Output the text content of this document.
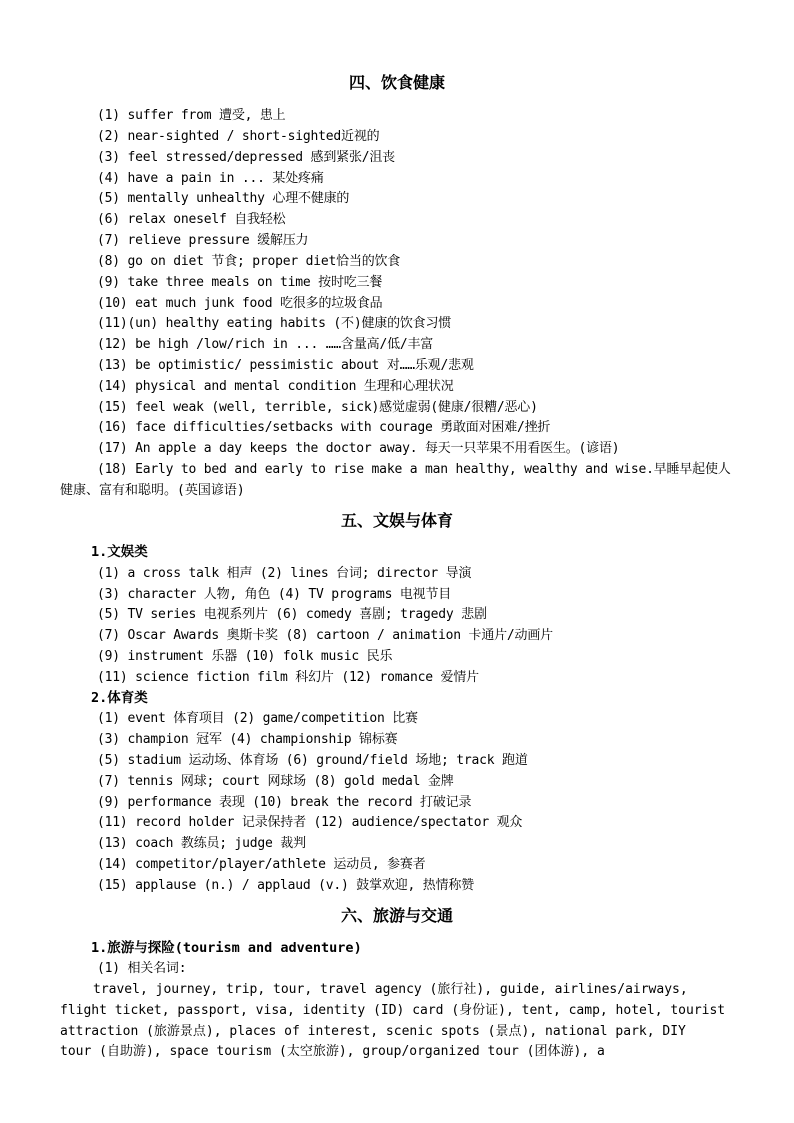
四、饮食健康
(1) suffer from 遭受, 患上
(2) near-sighted / short-sighted近视的
(3) feel stressed/depressed 感到紧张/沮丧
(4) have a pain in ... 某处疼痛
(5) mentally unhealthy 心理不健康的
(6) relax oneself 自我轻松
(7) relieve pressure 缓解压力
(8) go on diet 节食; proper diet恰当的饮食
(9) take three meals on time 按时吃三餐
(10) eat much junk food 吃很多的垃圾食品
(11)(un) healthy eating habits (不)健康的饮食习惯
(12) be high /low/rich in ... ……含量高/低/丰富
(13) be optimistic/ pessimistic about 对……乐观/悲观
(14) physical and mental condition 生理和心理状况
(15) feel weak (well, terrible, sick)感觉虚弱(健康/很糟/恶心)
(16) face difficulties/setbacks with courage 勇敢面对困难/挫折
(17) An apple a day keeps the doctor away. 每天一只苹果不用看医生。(谚语)
(18) Early to bed and early to rise make a man healthy, wealthy and wise.早睡早起使人
健康、富有和聪明。(英国谚语)
五、文娱与体育
1.文娱类
(1) a cross talk 相声 (2) lines 台词; director 导演
(3) character 人物, 角色 (4) TV programs 电视节目
(5) TV series 电视系列片 (6) comedy 喜剧; tragedy 悲剧
(7) Oscar Awards 奥斯卡奖 (8) cartoon / animation 卡通片/动画片
(9) instrument 乐器 (10) folk music 民乐
(11) science fiction film 科幻片 (12) romance 爱情片
2.体育类
(1) event 体育项目 (2) game/competition 比赛
(3) champion 冠军 (4) championship 锦标赛
(5) stadium 运动场、体育场 (6) ground/field 场地; track 跑道
(7) tennis 网球; court 网球场 (8) gold medal 金牌
(9) performance 表现 (10) break the record 打破记录
(11) record holder 记录保持者 (12) audience/spectator 观众
(13) coach 教练员; judge 裁判
(14) competitor/player/athlete 运动员, 参赛者
(15) applause (n.) / applaud (v.) 鼓掌欢迎, 热情称赞
六、旅游与交通
1.旅游与探险(tourism and adventure)
(1) 相关名词:
travel, journey, trip, tour, travel agency (旅行社), guide, airlines/airways,
flight ticket, passport, visa, identity (ID) card (身份证), tent, camp, hotel, tourist
attraction (旅游景点), places of interest, scenic spots (景点), national park, DIY
tour (自助游), space tourism (太空旅游), group/organized tour (团体游), a
